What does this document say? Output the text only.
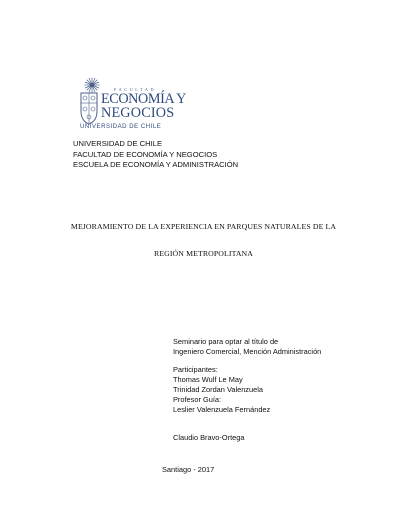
FACULTAD
ECONOMÍA Y
NEGOCIOS
UNIVERSIDAD DE CHILE
UNIVERSIDAD DE CHILE
FACULTAD DE ECONOMÍA Y NEGOCIOS
ESCUELA DE ECONOMÍA Y ADMINISTRACIÓN
MEJORAMIENTO DE LA EXPERIENCIA EN PARQUES NATURALES DE LA
REGIÓN METROPOLITANA
Seminario para optar al título de
Ingeniero Comercial, Mención Administración
Participantes:
Thomas Wulf Le May
Trinidad Zordan Valenzuela
Profesor Guía:
Leslier Valenzuela Fernández
Claudio Bravo-Ortega
Santiago - 2017
